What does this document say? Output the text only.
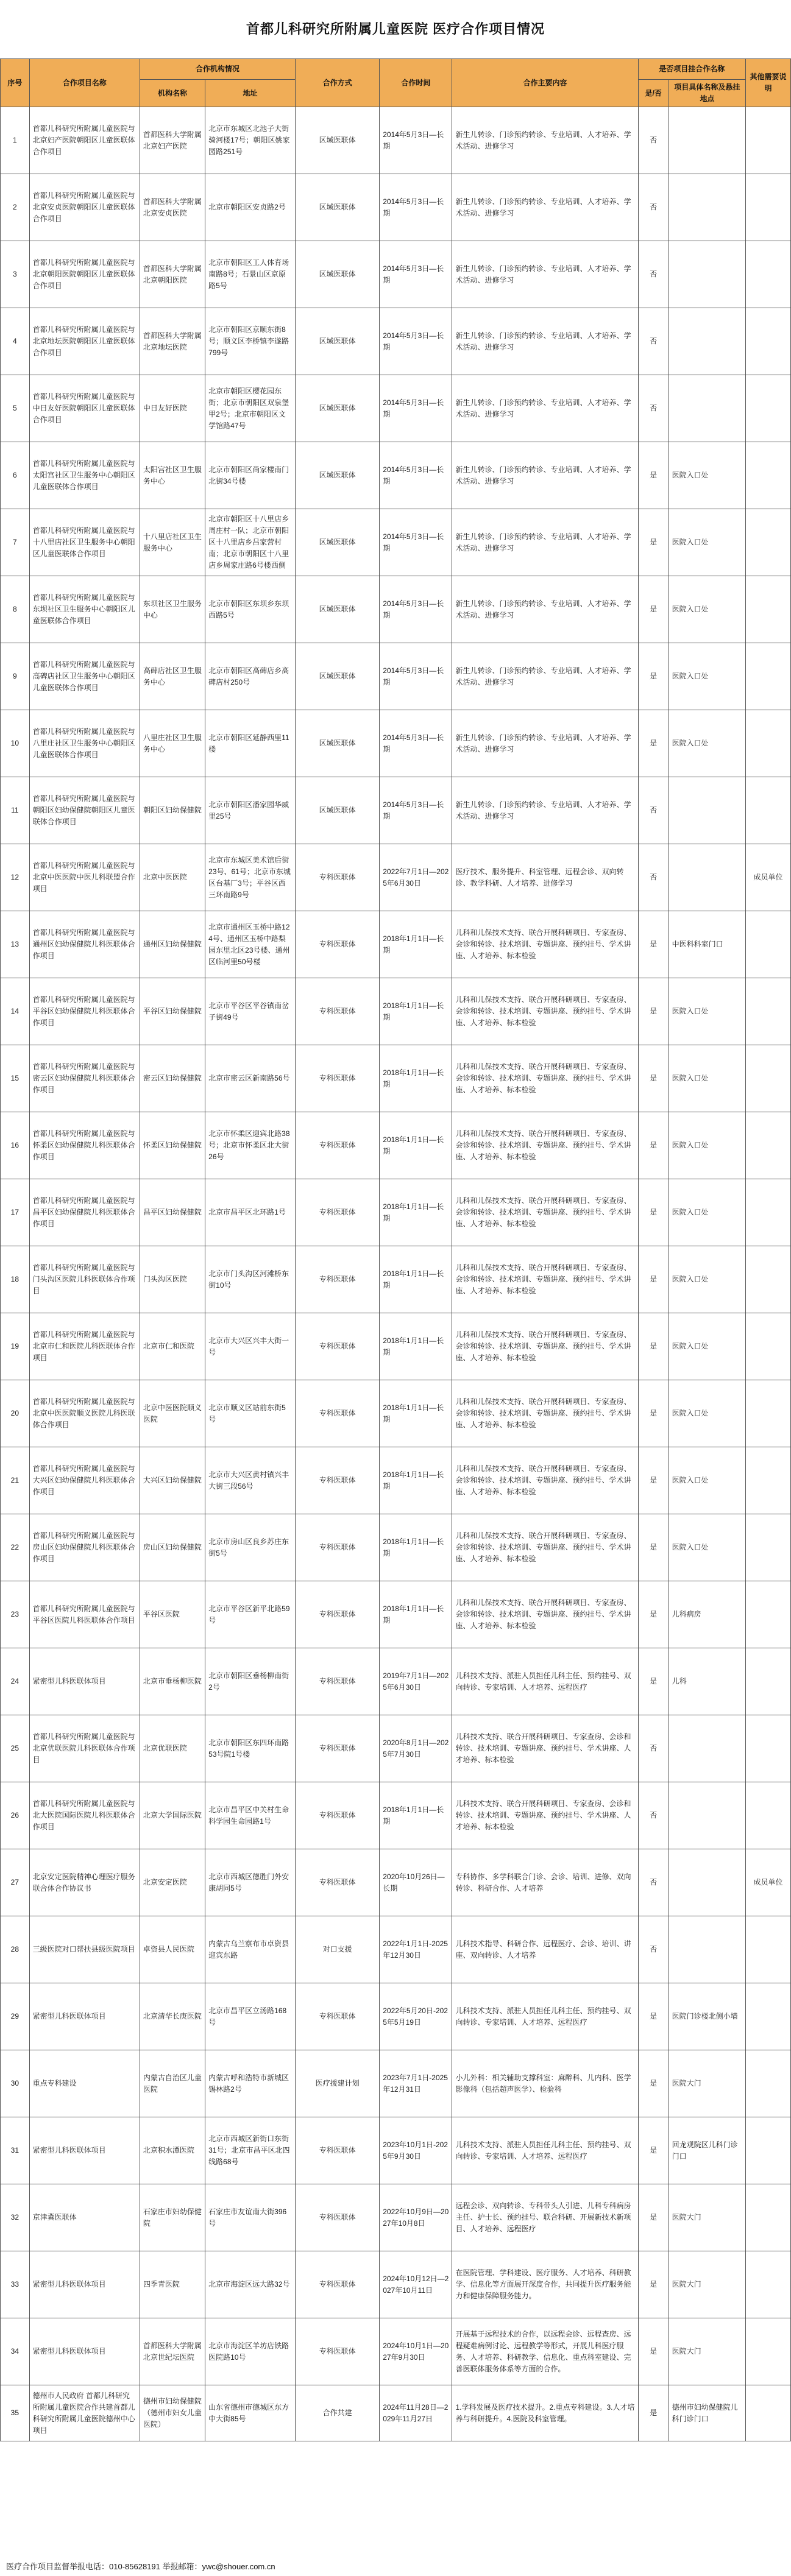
首都儿科研究所附属儿童医院 医疗合作项目情况
序号	合作项目名称	合作机构情况		合作方式	合作时间	合作主要内容	是否项目挂合作名称		其他需要说明
		机构名称	地址				是/否	项目具体名称及悬挂地点	
1	首都儿科研究所附属儿童医院与北京妇产医院朝阳区儿童医联体合作项目	首都医科大学附属北京妇产医院	北京市东城区北池子大街骑河楼17号；朝阳区姚家园路251号	区域医联体	2014年5月3日—长期	新生儿转诊、门诊预约转诊、专业培训、人才培养、学术活动、进修学习	否		
2	首都儿科研究所附属儿童医院与北京安贞医院朝阳区儿童医联体合作项目	首都医科大学附属北京安贞医院	北京市朝阳区安贞路2号	区域医联体	2014年5月3日—长期	新生儿转诊、门诊预约转诊、专业培训、人才培养、学术活动、进修学习	否		
3	首都儿科研究所附属儿童医院与北京朝阳医院朝阳区儿童医联体合作项目	首都医科大学附属北京朝阳医院	北京市朝阳区工人体育场南路8号；石景山区京原路5号	区域医联体	2014年5月3日—长期	新生儿转诊、门诊预约转诊、专业培训、人才培养、学术活动、进修学习	否		
4	首都儿科研究所附属儿童医院与北京地坛医院朝阳区儿童医联体合作项目	首都医科大学附属北京地坛医院	北京市朝阳区京顺东街8号；顺义区李桥镇李遂路799号	区域医联体	2014年5月3日—长期	新生儿转诊、门诊预约转诊、专业培训、人才培养、学术活动、进修学习	否		
5	首都儿科研究所附属儿童医院与中日友好医院朝阳区儿童医联体合作项目	中日友好医院	北京市朝阳区樱花园东街；北京市朝阳区双泉堡甲2号；北京市朝阳区文学馆路47号	区域医联体	2014年5月3日—长期	新生儿转诊、门诊预约转诊、专业培训、人才培养、学术活动、进修学习	否		
6	首都儿科研究所附属儿童医院与太阳宫社区卫生服务中心朝阳区儿童医联体合作项目	太阳宫社区卫生服务中心	北京市朝阳区尚家楼南门北街34号楼	区域医联体	2014年5月3日—长期	新生儿转诊、门诊预约转诊、专业培训、人才培养、学术活动、进修学习	是	医院入口处	
7	首都儿科研究所附属儿童医院与十八里店社区卫生服务中心朝阳区儿童医联体合作项目	十八里店社区卫生服务中心	北京市朝阳区十八里店乡周庄村一队；北京市朝阳区十八里店乡吕家营村南；北京市朝阳区十八里店乡周家庄路6号楼西侧	区域医联体	2014年5月3日—长期	新生儿转诊、门诊预约转诊、专业培训、人才培养、学术活动、进修学习	是	医院入口处	
8	首都儿科研究所附属儿童医院与东坝社区卫生服务中心朝阳区儿童医联体合作项目	东坝社区卫生服务中心	北京市朝阳区东坝乡东坝西路5号	区域医联体	2014年5月3日—长期	新生儿转诊、门诊预约转诊、专业培训、人才培养、学术活动、进修学习	是	医院入口处	
9	首都儿科研究所附属儿童医院与高碑店社区卫生服务中心朝阳区儿童医联体合作项目	高碑店社区卫生服务中心	北京市朝阳区高碑店乡高碑店村250号	区域医联体	2014年5月3日—长期	新生儿转诊、门诊预约转诊、专业培训、人才培养、学术活动、进修学习	是	医院入口处	
10	首都儿科研究所附属儿童医院与八里庄社区卫生服务中心朝阳区儿童医联体合作项目	八里庄社区卫生服务中心	北京市朝阳区延静西里11楼	区域医联体	2014年5月3日—长期	新生儿转诊、门诊预约转诊、专业培训、人才培养、学术活动、进修学习	是	医院入口处	
11	首都儿科研究所附属儿童医院与朝阳区妇幼保健院朝阳区儿童医联体合作项目	朝阳区妇幼保健院	北京市朝阳区潘家园华威里25号	区域医联体	2014年5月3日—长期	新生儿转诊、门诊预约转诊、专业培训、人才培养、学术活动、进修学习	否		
12	首都儿科研究所附属儿童医院与北京中医医院中医儿科联盟合作项目	北京中医医院	北京市东城区美术馆后街23号、61号；北京市东城区台基厂3号；平谷区西三环南路9号	专科医联体	2022年7月1日—2025年6月30日	医疗技术、服务提升、科室管理、远程会诊、双向转诊、教学科研、人才培养、进修学习	否		成员单位
13	首都儿科研究所附属儿童医院与通州区妇幼保健院儿科医联体合作项目	通州区妇幼保健院	北京市通州区玉桥中路124号、通州区玉桥中路梨园东里北区23号楼、通州区临河里50号楼	专科医联体	2018年1月1日—长期	儿科和儿保技术支持、联合开展科研项目、专家查房、会诊和转诊、技术培训、专题讲座、预约挂号、学术讲座、人才培养、标本检验	是	中医科科室门口	
14	首都儿科研究所附属儿童医院与平谷区妇幼保健院儿科医联体合作项目	平谷区妇幼保健院	北京市平谷区平谷镇南岔子街49号	专科医联体	2018年1月1日—长期	儿科和儿保技术支持、联合开展科研项目、专家查房、会诊和转诊、技术培训、专题讲座、预约挂号、学术讲座、人才培养、标本检验	是	医院入口处	
15	首都儿科研究所附属儿童医院与密云区妇幼保健院儿科医联体合作项目	密云区妇幼保健院	北京市密云区新南路56号	专科医联体	2018年1月1日—长期	儿科和儿保技术支持、联合开展科研项目、专家查房、会诊和转诊、技术培训、专题讲座、预约挂号、学术讲座、人才培养、标本检验	是	医院入口处	
16	首都儿科研究所附属儿童医院与怀柔区妇幼保健院儿科医联体合作项目	怀柔区妇幼保健院	北京市怀柔区迎宾北路38号；北京市怀柔区北大街26号	专科医联体	2018年1月1日—长期	儿科和儿保技术支持、联合开展科研项目、专家查房、会诊和转诊、技术培训、专题讲座、预约挂号、学术讲座、人才培养、标本检验	是	医院入口处	
17	首都儿科研究所附属儿童医院与昌平区妇幼保健院儿科医联体合作项目	昌平区妇幼保健院	北京市昌平区北环路1号	专科医联体	2018年1月1日—长期	儿科和儿保技术支持、联合开展科研项目、专家查房、会诊和转诊、技术培训、专题讲座、预约挂号、学术讲座、人才培养、标本检验	是	医院入口处	
18	首都儿科研究所附属儿童医院与门头沟区医院儿科医联体合作项目	门头沟区医院	北京市门头沟区河滩桥东街10号	专科医联体	2018年1月1日—长期	儿科和儿保技术支持、联合开展科研项目、专家查房、会诊和转诊、技术培训、专题讲座、预约挂号、学术讲座、人才培养、标本检验	是	医院入口处	
19	首都儿科研究所附属儿童医院与北京市仁和医院儿科医联体合作项目	北京市仁和医院	北京市大兴区兴丰大街一号	专科医联体	2018年1月1日—长期	儿科和儿保技术支持、联合开展科研项目、专家查房、会诊和转诊、技术培训、专题讲座、预约挂号、学术讲座、人才培养、标本检验	是	医院入口处	
20	首都儿科研究所附属儿童医院与北京中医医院顺义医院儿科医联体合作项目	北京中医医院顺义医院	北京市顺义区站前东街5号	专科医联体	2018年1月1日—长期	儿科和儿保技术支持、联合开展科研项目、专家查房、会诊和转诊、技术培训、专题讲座、预约挂号、学术讲座、人才培养、标本检验	是	医院入口处	
21	首都儿科研究所附属儿童医院与大兴区妇幼保健院儿科医联体合作项目	大兴区妇幼保健院	北京市大兴区黄村镇兴丰大街三段56号	专科医联体	2018年1月1日—长期	儿科和儿保技术支持、联合开展科研项目、专家查房、会诊和转诊、技术培训、专题讲座、预约挂号、学术讲座、人才培养、标本检验	是	医院入口处	
22	首都儿科研究所附属儿童医院与房山区妇幼保健院儿科医联体合作项目	房山区妇幼保健院	北京市房山区良乡苏庄东街5号	专科医联体	2018年1月1日—长期	儿科和儿保技术支持、联合开展科研项目、专家查房、会诊和转诊、技术培训、专题讲座、预约挂号、学术讲座、人才培养、标本检验	是	医院入口处	
23	首都儿科研究所附属儿童医院与平谷区医院儿科医联体合作项目	平谷区医院	北京市平谷区新平北路59号	专科医联体	2018年1月1日—长期	儿科和儿保技术支持、联合开展科研项目、专家查房、会诊和转诊、技术培训、专题讲座、预约挂号、学术讲座、人才培养、标本检验	是	儿科病房	
24	紧密型儿科医联体项目	北京市垂杨柳医院	北京市朝阳区垂杨柳南街2号	专科医联体	2019年7月1日—2025年6月30日	儿科技术支持、派驻人员担任儿科主任、预约挂号、双向转诊、专家培训、人才培养、远程医疗	是	儿科	
25	首都儿科研究所附属儿童医院与北京优联医院儿科医联体合作项目	北京优联医院	北京市朝阳区东四环南路53号院1号楼	专科医联体	2020年8月1日—2025年7月30日	儿科技术支持、联合开展科研项目、专家查房、会诊和转诊、技术培训、专题讲座、预约挂号、学术讲座、人才培养、标本检验	否		
26	首都儿科研究所附属儿童医院与北大医院国际医院儿科医联体合作项目	北京大学国际医院	北京市昌平区中关村生命科学园生命园路1号	专科医联体	2018年1月1日—长期	儿科技术支持、联合开展科研项目、专家查房、会诊和转诊、技术培训、专题讲座、预约挂号、学术讲座、人才培养、标本检验	否		
27	北京安定医院精神心理医疗服务联合体合作协议书	北京安定医院	北京市西城区德胜门外安康胡同5号	专科医联体	2020年10月26日—长期	专科协作、多学科联合门诊、会诊、培训、进修、双向转诊、科研合作、人才培养	否		成员单位
28	三级医院对口帮扶县级医院项目	卓资县人民医院	内蒙古乌兰察布市卓资县迎宾东路	对口支援	2022年1月1日-2025年12月30日	儿科技术指导、科研合作、远程医疗、会诊、培训、讲座、双向转诊、人才培养	否		
29	紧密型儿科医联体项目	北京清华长庚医院	北京市昌平区立汤路168号	专科医联体	2022年5月20日-2025年5月19日	儿科技术支持、派驻人员担任儿科主任、预约挂号、双向转诊、专家培训、人才培养、远程医疗	是	医院门诊楼北侧小墙	
30	重点专科建设	内蒙古自治区儿童医院	内蒙古呼和浩特市新城区锡林路2号	医疗援建计划	2023年7月1日-2025年12月31日	小儿外科：相关辅助支撑科室：麻醉科、儿内科、医学影像科（包括超声医学）、检验科	是	医院大门	
31	紧密型儿科医联体项目	北京积水潭医院	北京市西城区新街口东街31号；北京市昌平区北四线路68号	专科医联体	2023年10月1日-2025年9月30日	儿科技术支持、派驻人员担任儿科主任、预约挂号、双向转诊、专家培训、人才培养、远程医疗	是	回龙观院区儿科门诊门口	
32	京津冀医联体	石家庄市妇幼保健院	石家庄市友谊南大街396号	专科医联体	2022年10月9日—2027年10月8日	远程会诊、双向转诊、专科带头人引进、儿科专科病房主任、护士长、预约挂号、联合科研、开展新技术新项目、人才培养、远程医疗	是	医院大门	
33	紧密型儿科医联体项目	四季青医院	北京市海淀区远大路32号	专科医联体	2024年10月12日—2027年10月11日	在医院管理、学科建设、医疗服务、人才培养、科研教学、信息化等方面展开深度合作，共同提升医疗服务能力和健康保障服务能力。	是	医院大门	
34	紧密型儿科医联体项目	首都医科大学附属北京世纪坛医院	北京市海淀区羊坊店铁路医院路10号	专科医联体	2024年10月1日—2027年9月30日	开展基于远程技术的合作，以远程会诊、远程查房、远程疑难病例讨论、远程教学等形式，开展儿科医疗服务、人才培养、科研教学、信息化、重点科室建设、完善医联体服务体系等方面的合作。	是	医院大门	
35	德州市人民政府 首都儿科研究所附属儿童医院合作共建首都儿科研究所附属儿童医院德州中心项目	德州市妇幼保健院（德州市妇女儿童医院）	山东省德州市德城区东方中大街85号	合作共建	2024年11月28日—2029年11月27日	1.学科发展及医疗技术提升。2.重点专科建设。3.人才培养与科研提升。4.医院及科室管理。	是	德州市妇幼保健院儿科门诊门口	
医疗合作项目监督举报电话：010-85628191 举报邮箱：ywc@shouer.com.cn
